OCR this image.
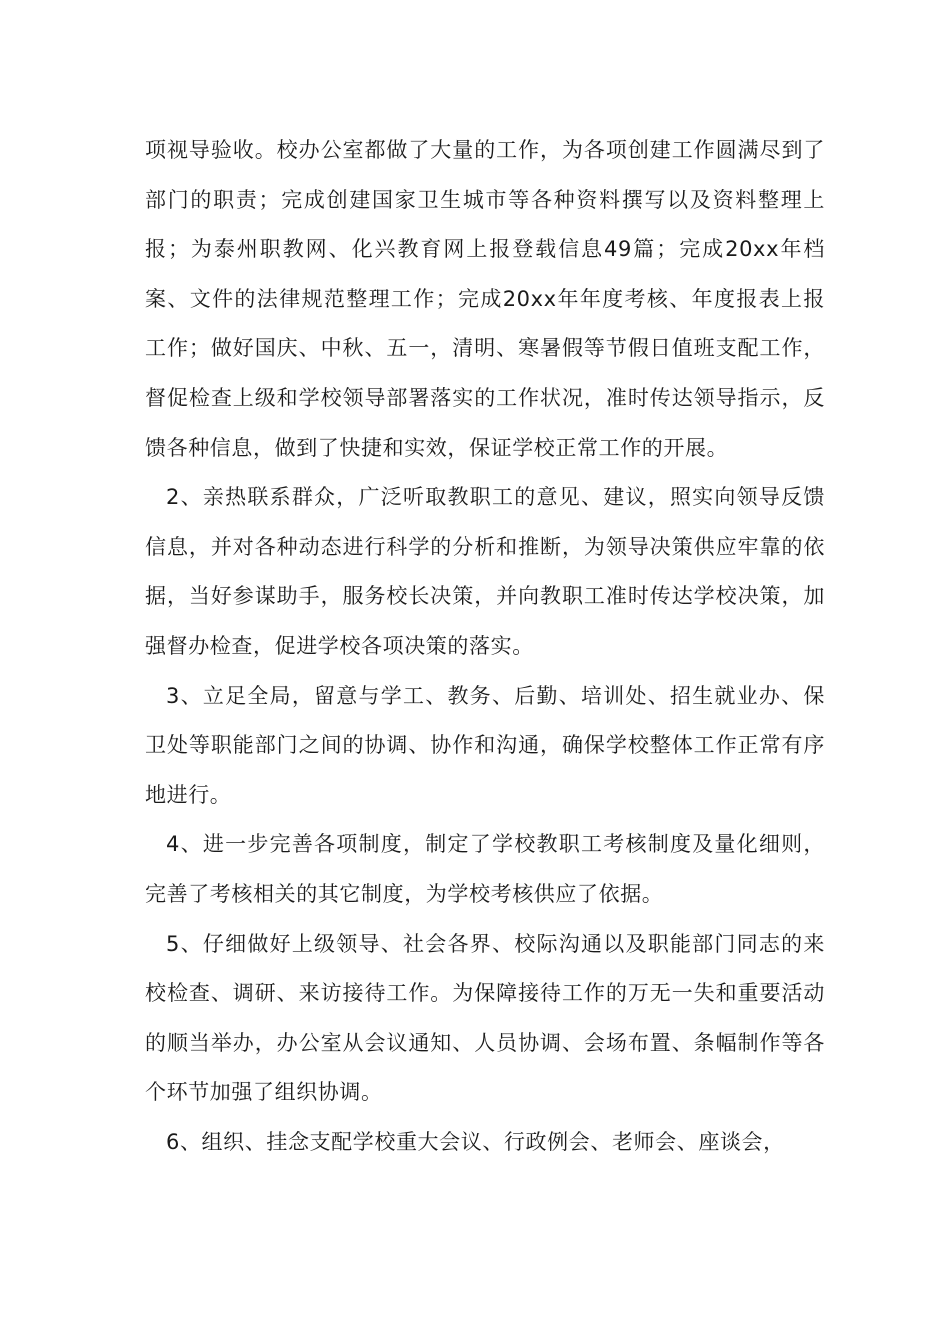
项视导验收。校办公室都做了大量的工作，为各项创建工作圆满尽到了部门的职责；完成创建国家卫生城市等各种资料撰写以及资料整理上报；为泰州职教网、化兴教育网上报登载信息49篇；完成20xx年档案、文件的法律规范整理工作；完成20xx年年度考核、年度报表上报工作；做好国庆、中秋、五一，清明、寒暑假等节假日值班支配工作，督促检查上级和学校领导部署落实的工作状况，准时传达领导指示，反馈各种信息，做到了快捷和实效，保证学校正常工作的开展。

2、亲热联系群众，广泛听取教职工的意见、建议，照实向领导反馈信息，并对各种动态进行科学的分析和推断，为领导决策供应牢靠的依据，当好参谋助手，服务校长决策，并向教职工准时传达学校决策，加强督办检查，促进学校各项决策的落实。

3、立足全局，留意与学工、教务、后勤、培训处、招生就业办、保卫处等职能部门之间的协调、协作和沟通，确保学校整体工作正常有序地进行。

4、进一步完善各项制度，制定了学校教职工考核制度及量化细则，完善了考核相关的其它制度，为学校考核供应了依据。

5、仔细做好上级领导、社会各界、校际沟通以及职能部门同志的来校检查、调研、来访接待工作。为保障接待工作的万无一失和重要活动的顺当举办，办公室从会议通知、人员协调、会场布置、条幅制作等各个环节加强了组织协调。

6、组织、挂念支配学校重大会议、行政例会、老师会、座谈会，
